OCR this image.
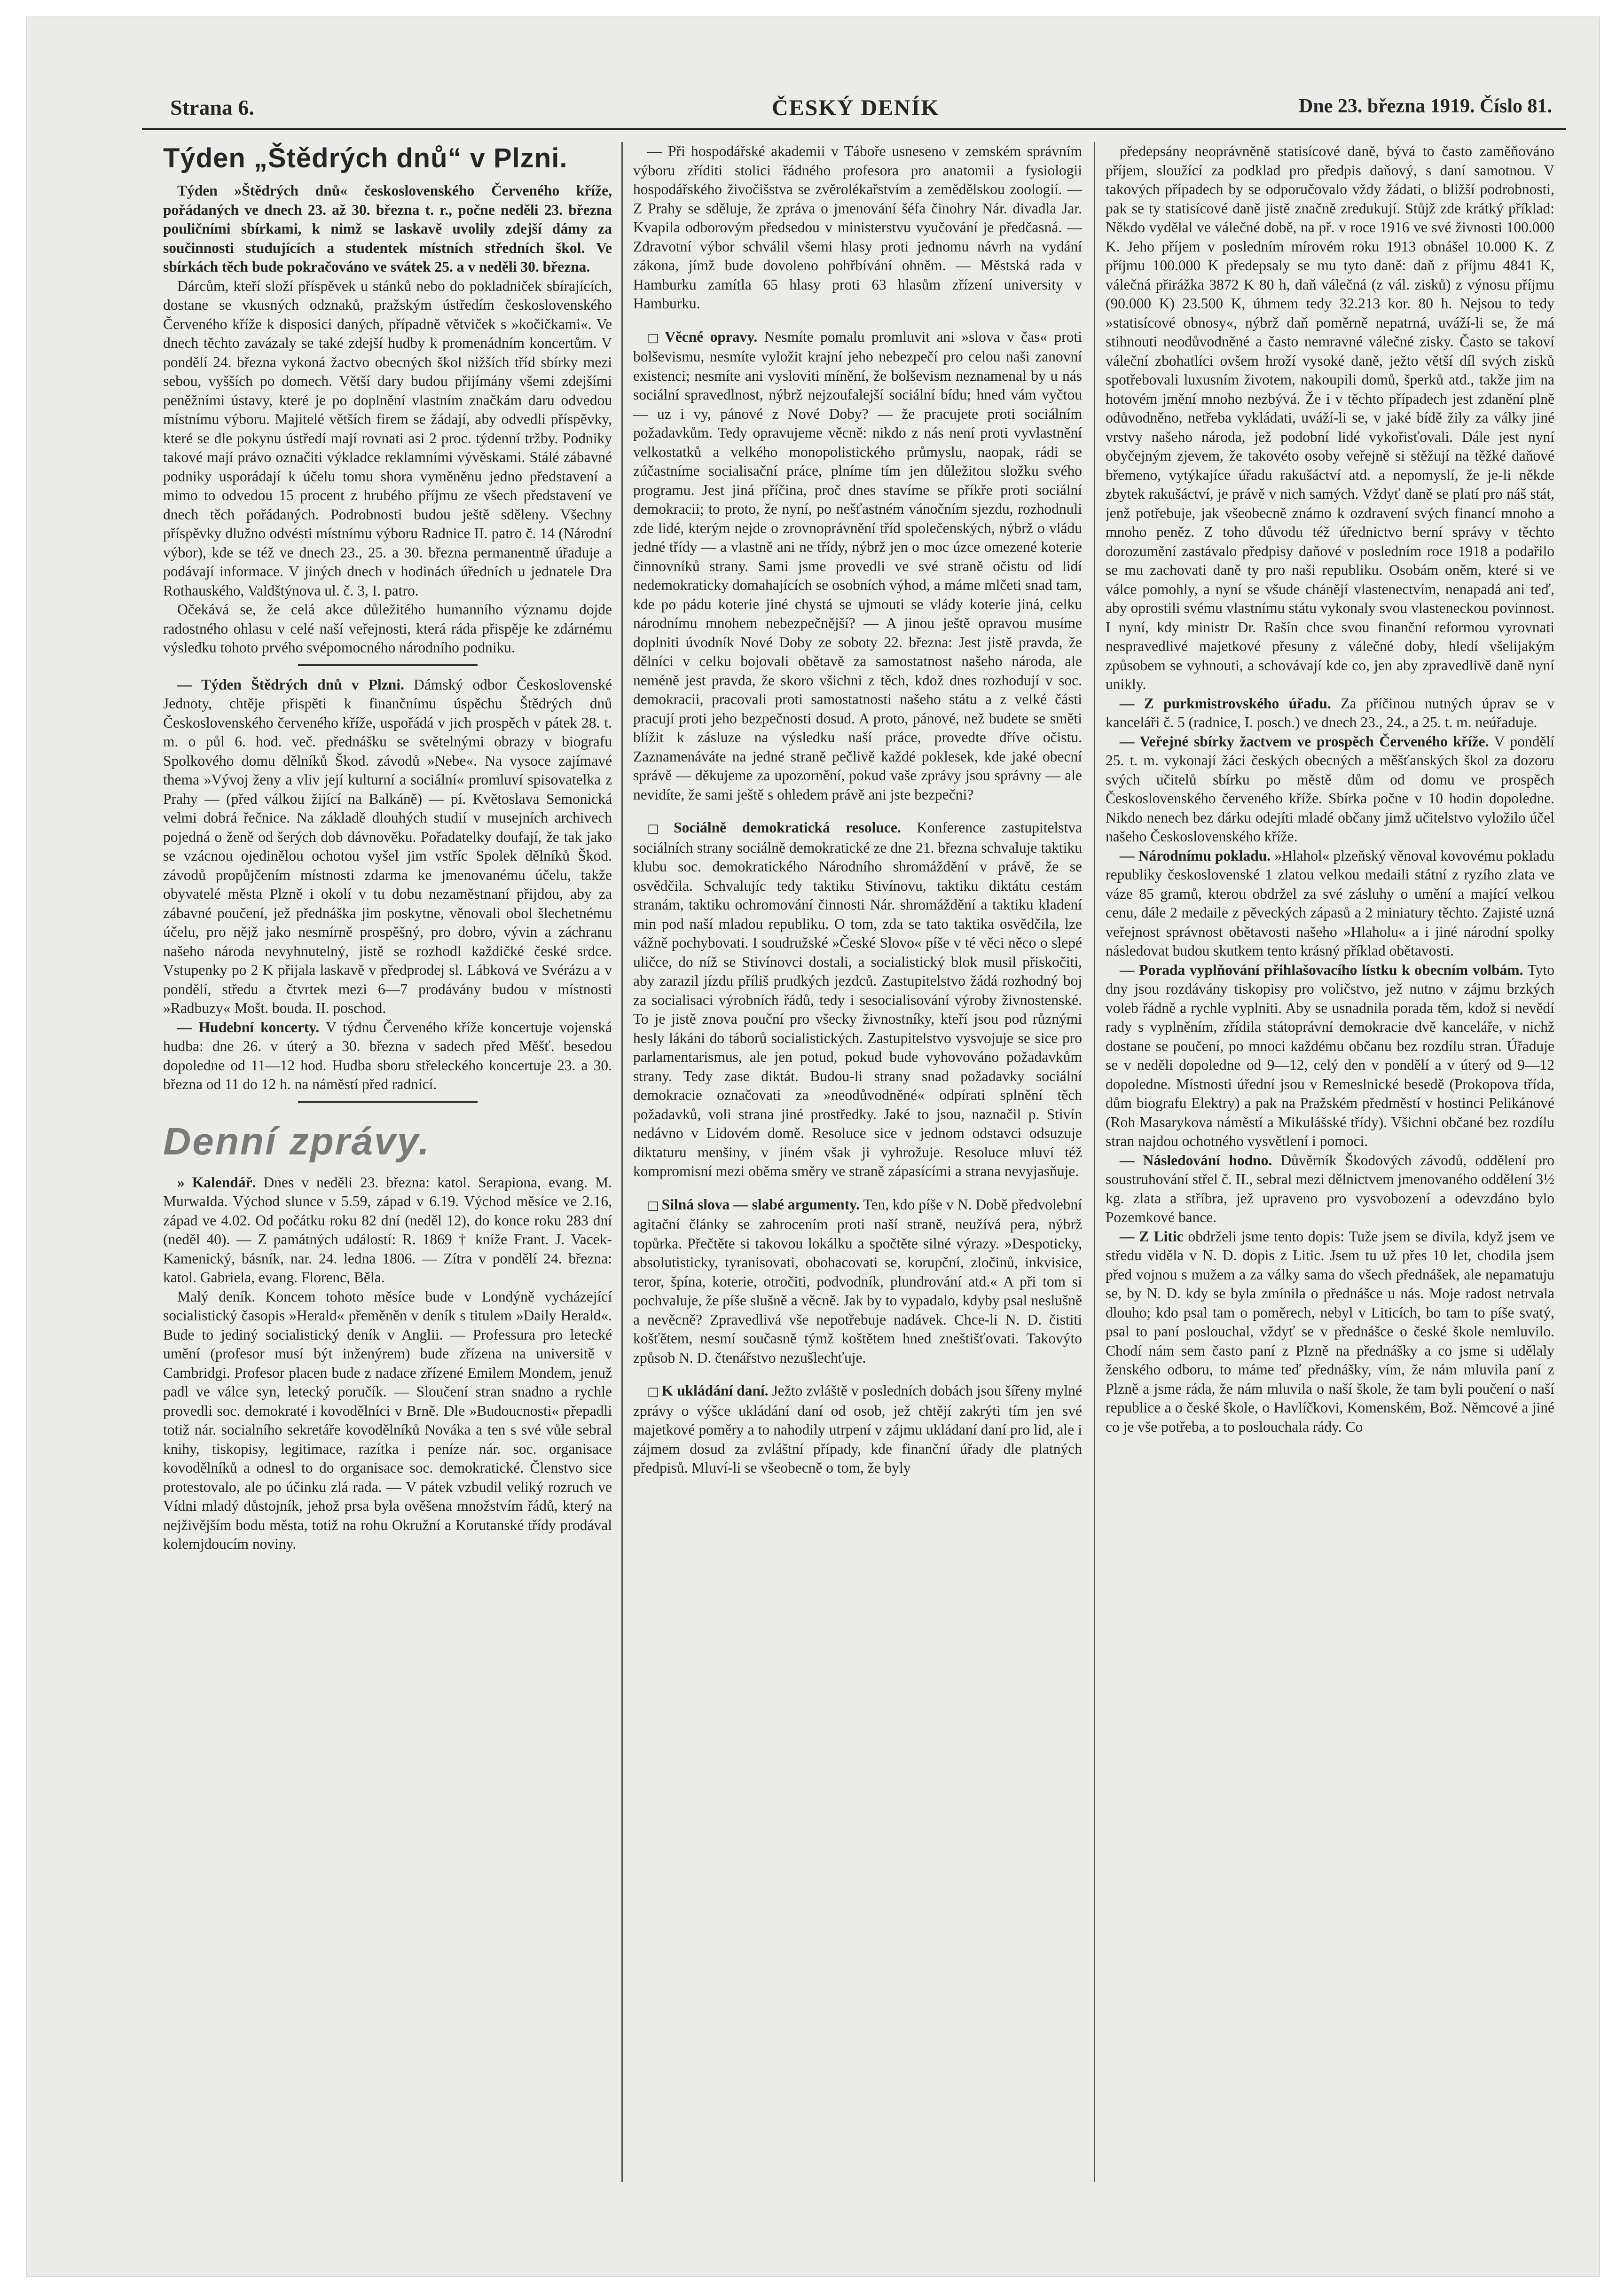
Strana 6.	ČESKÝ DENÍK	Dne 23. března 1919. Číslo 81.
Týden „Štědrých dnů“ v Plzni.

Týden »Štědrých dnů« československého Červeného kříže, pořádaných ve dnech 23. až 30. března t. r., počne neděli 23. března pouličními sbírkami, k nimž se laskavě uvolily zdejší dámy za součinnosti studujících a studentek místních středních škol. Ve sbírkách těch bude pokračováno ve svátek 25. a v neděli 30. března.

Dárcům, kteří složí příspěvek u stánků nebo do pokladniček sbírajících, dostane se vkusných odznaků, pražským ústředím československého Červeného kříže k disposici daných, případně větviček s »kočičkami«. Ve dnech těchto zavázaly se také zdejší hudby k promenádním koncertům. V pondělí 24. března vykoná žactvo obecných škol nižších tříd sbírky mezi sebou, vyšších po domech. Větší dary budou přijímány všemi zdejšími peněžními ústavy, které je po doplnění vlastním značkám daru odvedou místnímu výboru. Majitelé větších firem se žádají, aby odvedli příspěvky, které se dle pokynu ústředí mají rovnati asi 2 proc. týdenní tržby. Podniky takové mají právo označiti výkladce reklamními vývěskami. Stálé zábavné podniky usporádají k účelu tomu shora vyměněnu jedno představení a mimo to odvedou 15 procent z hrubého příjmu ze všech představení ve dnech těch pořádaných. Podrobnosti budou ještě sděleny. Všechny příspěvky dlužno odvésti místnímu výboru Radnice II. patro č. 14 (Národní výbor), kde se též ve dnech 23., 25. a 30. března permanentně úřaduje a podávají informace. V jiných dnech v hodinách úředních u jednatele Dra Rothauského, Valdštýnova ul. č. 3, I. patro.

Očekává se, že celá akce důležitého humanního významu dojde radostného ohlasu v celé naší veřejnosti, která ráda přispěje ke zdárnému výsledku tohoto prvého svépomocného národního podniku.

— Týden Štědrých dnů v Plzni. Dámský odbor Československé Jednoty, chtěje přispěti k finančnímu úspěchu Štědrých dnů Československého červeného kříže, uspořádá v jich prospěch v pátek 28. t. m. o půl 6. hod. več. přednášku se světelnými obrazy v biografu Spolkového domu dělníků Škod. závodů »Nebe«. Na vysoce zajímavé thema »Vývoj ženy a vliv její kulturní a sociální« promluví spisovatelka z Prahy — (před válkou žijící na Balkáně) — pí. Květoslava Semonická velmi dobrá řečnice. Na základě dlouhých studií v musejních archivech pojedná o ženě od šerých dob dávnověku. Pořadatelky doufají, že tak jako se vzácnou ojedinělou ochotou vyšel jim vstříc Spolek dělníků Škod. závodů propůjčením místnosti zdarma ke jmenovanému účelu, takže obyvatelé města Plzně i okolí v tu dobu nezaměstnaní přijdou, aby za zábavné poučení, jež přednáška jim poskytne, věnovali obol šlechetnému účelu, pro nějž jako nesmírně prospěšný, pro dobro, vývin a záchranu našeho národa nevyhnutelný, jistě se rozhodl každičké české srdce. Vstupenky po 2 K přijala laskavě v předprodej sl. Lábková ve Svérázu a v pondělí, středu a čtvrtek mezi 6—7 prodávány budou v místnosti »Radbuzy« Mošt. bouda. II. poschod.

— Hudební koncerty. V týdnu Červeného kříže koncertuje vojenská hudba: dne 26. v úterý a 30. března v sadech před Měšť. besedou dopoledne od 11—12 hod. Hudba sboru střeleckého koncertuje 23. a 30. března od 11 do 12 h. na náměstí před radnicí.

Denní zprávy.

» Kalendář. Dnes v neděli 23. března: katol. Serapiona, evang. M. Murwalda. Východ slunce v 5.59, západ v 6.19. Východ měsíce ve 2.16, západ ve 4.02. Od počátku roku 82 dní (neděl 12), do konce roku 283 dní (neděl 40). — Z památných událostí: R. 1869 † kníže Frant. J. Vacek-Kamenický, básník, nar. 24. ledna 1806. — Zítra v pondělí 24. března: katol. Gabriela, evang. Florenc, Běla.

Malý deník. Koncem tohoto měsíce bude v Londýně vycházející socialistický časopis »Herald« přeměněn v deník s titulem »Daily Herald«. Bude to jediný socialistický deník v Anglii. — Professura pro letecké umění (profesor musí být inženýrem) bude zřízena na universitě v Cambridgi. Profesor placen bude z nadace zřízené Emilem Mondem, jenuž padl ve válce syn, letecký poručík. — Sloučení stran snadno a rychle provedli soc. demokraté i kovodělníci v Brně. Dle »Budoucnosti« přepadli totiž nár. socialního sekretáře kovodělníků Nováka a ten s své vůle sebral knihy, tiskopisy, legitimace, razítka i peníze nár. soc. organisace kovodělníků a odnesl to do organisace soc. demokratické. Členstvo sice protestovalo, ale po účinku zlá rada. — V pátek vzbudil veliký rozruch ve Vídni mladý důstojník, jehož prsa byla ověšena množstvím řádů, který na nejživějším bodu města, totiž na rohu Okružní a Korutanské třídy prodával kolemjdoucím noviny.

— Při hospodářské akademii v Táboře usneseno v zemském správním výboru zříditi stolici řádného profesora pro anatomii a fysiologii hospodářského živočišstva se zvěrolékařstvím a zemědělskou zoologií. — Z Prahy se sděluje, že zpráva o jmenování šéfa činohry Nár. divadla Jar. Kvapila odborovým předsedou v ministerstvu vyučování je předčasná. — Zdravotní výbor schválil všemi hlasy proti jednomu návrh na vydání zákona, jímž bude dovoleno pohřbívání ohněm. — Městská rada v Hamburku zamítla 65 hlasy proti 63 hlasům zřízení university v Hamburku.

□ Věcné opravy. Nesmíte pomalu promluvit ani »slova v čas« proti bolševismu, nesmíte vyložit krajní jeho nebezpečí pro celou naši zanovní existenci; nesmíte ani vysloviti mínění, že bolševism neznamenal by u nás sociální spravedlnost, nýbrž nejzoufalejší sociální bídu; hned vám vyčtou — uz i vy, pánové z Nové Doby? — že pracujete proti sociálním požadavkům. Tedy opravujeme věcně: nikdo z nás není proti vyvlastnění velkostatků a velkého monopolistického průmyslu, naopak, rádi se zúčastníme socialisační práce, plníme tím jen důležitou složku svého programu. Jest jiná příčina, proč dnes stavíme se příkře proti sociální demokracii; to proto, že nyní, po nešťastném vánočním sjezdu, rozhodnuli zde lidé, kterým nejde o zrovnoprávnění tříd společenských, nýbrž o vládu jedné třídy — a vlastně ani ne třídy, nýbrž jen o moc úzce omezené koterie činnovníků strany. Sami jsme provedli ve své straně očistu od lidí nedemokraticky domahajících se osobních výhod, a máme mlčeti snad tam, kde po pádu koterie jiné chystá se ujmouti se vlády koterie jiná, celku národnímu mnohem nebezpečnější? — A jinou ještě opravou musíme doplniti úvodník Nové Doby ze soboty 22. března: Jest jistě pravda, že dělníci v celku bojovali obětavě za samostatnost našeho národa, ale neméně jest pravda, že skoro všichni z těch, kdož dnes rozhodují v soc. demokracii, pracovali proti samostatnosti našeho státu a z velké části pracují proti jeho bezpečnosti dosud. A proto, pánové, než budete se směti blížit k zásluze na výsledku naší práce, provedte dříve očistu. Zaznamenáváte na jedné straně pečlivě každé poklesek, kde jaké obecní správě — děkujeme za upozornění, pokud vaše zprávy jsou správny — ale nevidíte, že sami ještě s ohledem právě ani jste bezpečni?

□ Sociálně demokratická resoluce. Konference zastupitelstva sociálních strany sociálně demokratické ze dne 21. března schvaluje taktiku klubu soc. demokratického Národního shromáždění v právě, že se osvědčila. Schvalujíc tedy taktiku Stivínovu, taktiku diktátu cestám stranám, taktiku ochromování činnosti Nár. shromáždění a taktiku kladení min pod naší mladou republiku. O tom, zda se tato taktika osvědčila, lze vážně pochybovati. I soudružské »České Slovo« píše v té věci něco o slepé uličce, do níž se Stivínovci dostali, a socialistický blok musil přiskočiti, aby zarazil jízdu příliš prudkých jezdců. Zastupitelstvo žádá rozhodný boj za socialisaci výrobních řádů, tedy i sesocialisování výroby živnostenské. To je jistě znova pouční pro všecky živnostníky, kteří jsou pod různými hesly lákáni do táborů socialistických. Zastupitelstvo vysvojuje se sice pro parlamentarismus, ale jen potud, pokud bude vyhovováno požadavkům strany. Tedy zase diktát. Budou-li strany snad požadavky sociální demokracie označovati za »neodůvodněné« odpírati splnění těch požadavků, voli strana jiné prostředky. Jaké to jsou, naznačil p. Stivín nedávno v Lidovém domě. Resoluce sice v jednom odstavci odsuzuje diktaturu menšiny, v jiném však ji vyhrožuje. Resoluce mluví též kompromisní mezi oběma směry ve straně zápasícími a strana nevyjasňuje.

□ Silná slova — slabé argumenty. Ten, kdo píše v N. Době předvolební agitační články se zahrocením proti naší straně, neužívá pera, nýbrž topůrka. Přečtěte si takovou lokálku a spočtěte silné výrazy. »Despoticky, absolutisticky, tyranisovati, obohacovati se, korupční, zločinů, inkvisice, teror, špína, koterie, otročiti, podvodník, plundrování atd.« A při tom si pochvaluje, že píše slušně a věcně. Jak by to vypadalo, kdyby psal neslušně a nevěcně? Zpravedlivá vše nepotřebuje nadávek. Chce-li N. D. čistiti košťětem, nesmí současně týmž koštětem hned zneštišťovati. Takovýto způsob N. D. čtenářstvo nezušlechťuje.

□ K ukládání daní. Ježto zvláště v posledních dobách jsou šířeny mylné zprávy o výšce ukládání daní od osob, jež chtějí zakrýti tím jen své majetkové poměry a to nahodily utrpení v zájmu ukládaní daní pro lid, ale i zájmem dosud za zvláštní případy, kde finanční úřady dle platných předpisů. Mluví-li se všeobecně o tom, že byly

předepsány neoprávněně statisícové daně, bývá to často zaměňováno příjem, sloužící za podklad pro předpis daňový, s daní samotnou. V takových případech by se odporučovalo vždy žádati, o bližší podrobnosti, pak se ty statisícové daně jistě značně zredukují. Stůjž zde krátký příklad: Někdo vydělal ve válečné době, na př. v roce 1916 ve své živnosti 100.000 K. Jeho příjem v posledním mírovém roku 1913 obnášel 10.000 K. Z příjmu 100.000 K předepsaly se mu tyto daně: daň z příjmu 4841 K, válečná přirážka 3872 K 80 h, daň válečná (z vál. zisků) z výnosu příjmu (90.000 K) 23.500 K, úhrnem tedy 32.213 kor. 80 h. Nejsou to tedy »statisícové obnosy«, nýbrž daň poměrně nepatrná, uváží-li se, že má stihnouti neodůvodněné a často nemravné válečné zisky. Často se takoví váleční zbohatlíci ovšem hroží vysoké daně, ježto větší díl svých zisků spotřebovali luxusním životem, nakoupili domů, šperků atd., takže jim na hotovém jmění mnoho nezbývá. Že i v těchto případech jest zdanění plně odůvodněno, netřeba vykládati, uváží-li se, v jaké bídě žily za války jiné vrstvy našeho národa, jež podobní lidé vykořisťovali. Dále jest nyní obyčejným zjevem, že takovéto osoby veřejně si stěžují na těžké daňové břemeno, vytýkajíce úřadu rakušáctví atd. a nepomyslí, že je-li někde zbytek rakušáctví, je právě v nich samých. Vždyť daně se platí pro náš stát, jenž potřebuje, jak všeobecně známo k ozdravení svých financí mnoho a mnoho peněz. Z toho důvodu též úřednictvo berní správy v těchto dorozumění zastávalo předpisy daňové v posledním roce 1918 a podařilo se mu zachovati daně ty pro naši republiku. Osobám oněm, které si ve válce pomohly, a nyní se všude chánějí vlastenectvím, nenapadá ani teď, aby oprostili svému vlastnímu státu vykonaly svou vlasteneckou povinnost. I nyní, kdy ministr Dr. Rašín chce svou finanční reformou vyrovnati nespravedlivé majetkové přesuny z válečné doby, hledí všelijakým způsobem se vyhnouti, a schovávají kde co, jen aby zpravedlivě daně nyní unikly.

— Z purkmistrovského úřadu. Za příčinou nutných úprav se v kanceláři č. 5 (radnice, I. posch.) ve dnech 23., 24., a 25. t. m. neúřaduje.

— Veřejné sbírky žactvem ve prospěch Červeného kříže. V pondělí 25. t. m. vykonají žáci českých obecných a měšťanských škol za dozoru svých učitelů sbírku po městě dům od domu ve prospěch Československého červeného kříže. Sbírka počne v 10 hodin dopoledne. Nikdo nenech bez dárku odejíti mladé občany jimž učitelstvo vyložilo účel našeho Československého kříže.

— Národnímu pokladu. »Hlahol« plzeňský věnoval kovovému pokladu republiky československé 1 zlatou velkou medaili státní z ryzího zlata ve váze 85 gramů, kterou obdržel za své zásluhy o umění a mající velkou cenu, dále 2 medaile z pěveckých zápasů a 2 miniatury těchto. Zajisté uzná veřejnost správnost obětavosti našeho »Hlaholu« a i jiné národní spolky následovat budou skutkem tento krásný příklad obětavosti.

— Porada vyplňování přihlašovacího lístku k obecním volbám. Tyto dny jsou rozdávány tiskopisy pro voličstvo, jež nutno v zájmu brzkých voleb řádně a rychle vyplniti. Aby se usnadnila porada těm, kdož si nevědí rady s vyplněním, zřídila státoprávní demokracie dvě kanceláře, v nichž dostane se poučení, po mnoci každému občanu bez rozdílu stran. Úřaduje se v neděli dopoledne od 9—12, celý den v pondělí a v úterý od 9—12 dopoledne. Místnosti úřední jsou v Remeslnické besedě (Prokopova třída, dům biografu Elektry) a pak na Pražském předměstí v hostinci Pelikánové (Roh Masarykova náměstí a Mikulášské třídy). Všichni občané bez rozdílu stran najdou ochotného vysvětlení i pomoci.

— Následování hodno. Důvěrník Škodových závodů, oddělení pro soustruhování střel č. II., sebral mezi dělnictvem jmenovaného oddělení 3½ kg. zlata a stříbra, jež upraveno pro vysvobození a odevzdáno bylo Pozemkové bance.

— Z Litic obdrželi jsme tento dopis: Tuže jsem se divila, když jsem ve středu viděla v N. D. dopis z Litic. Jsem tu už přes 10 let, chodila jsem před vojnou s mužem a za války sama do všech přednášek, ale nepamatuju se, by N. D. kdy se byla zmínila o přednášce u nás. Moje radost netrvala dlouho; kdo psal tam o poměrech, nebyl v Liticích, bo tam to píše svatý, psal to paní poslouchal, vždyť se v přednášce o české škole nemluvilo. Chodí nám sem často paní z Plzně na přednášky a co jsme si udělaly ženského odboru, to máme teď přednášky, vím, že nám mluvila paní z Plzně a jsme ráda, že nám mluvila o naší škole, že tam byli poučení o naší republice a o české škole, o Havlíčkovi, Komenském, Bož. Němcové a jiné co je vše potřeba, a to poslouchala rády. Co
